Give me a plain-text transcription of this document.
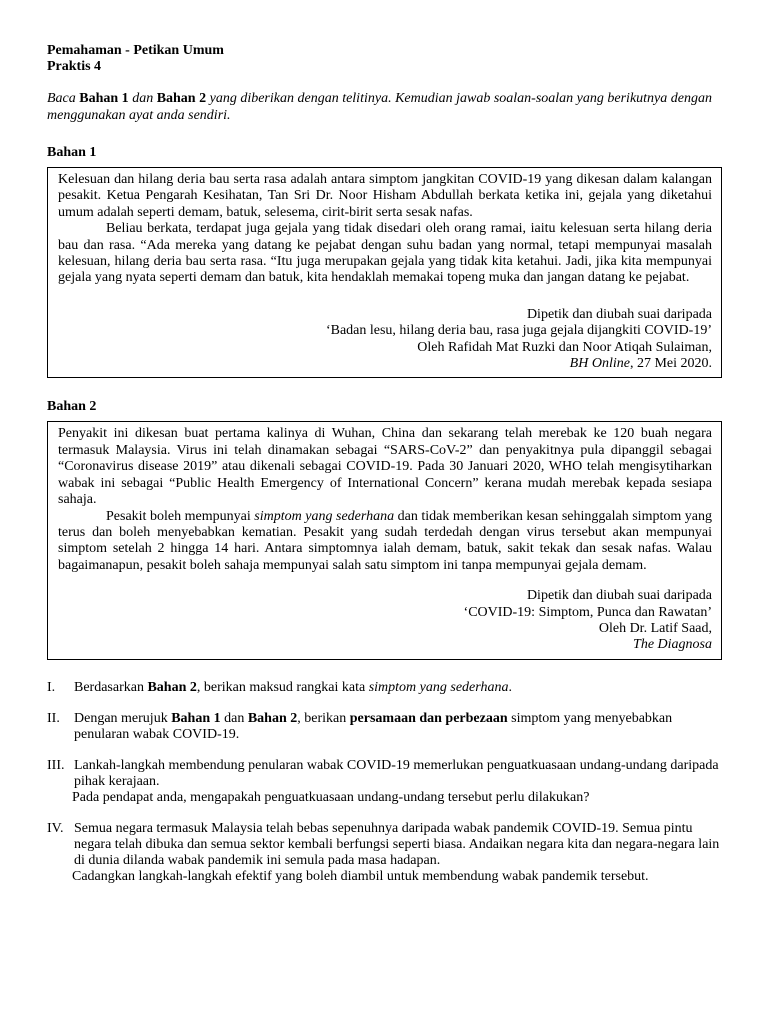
Pemahaman - Petikan Umum
Praktis 4
Baca Bahan 1 dan Bahan 2 yang diberikan dengan telitinya. Kemudian jawab soalan-soalan yang berikutnya dengan menggunakan ayat anda sendiri.
Bahan 1

Kelesuan dan hilang deria bau serta rasa adalah antara simptom jangkitan COVID-19 yang dikesan dalam kalangan pesakit. Ketua Pengarah Kesihatan, Tan Sri Dr. Noor Hisham Abdullah berkata ketika ini, gejala yang diketahui umum adalah seperti demam, batuk, selesema, cirit-birit serta sesak nafas.

Beliau berkata, terdapat juga gejala yang tidak disedari oleh orang ramai, iaitu kelesuan serta hilang deria bau dan rasa. “Ada mereka yang datang ke pejabat dengan suhu badan yang normal, tetapi mempunyai masalah kelesuan, hilang deria bau serta rasa. “Itu juga merupakan gejala yang tidak kita ketahui. Jadi, jika kita mempunyai gejala yang nyata seperti demam dan batuk, kita hendaklah memakai topeng muka dan jangan datang ke pejabat.

Dipetik dan diubah suai daripada
‘Badan lesu, hilang deria bau, rasa juga gejala dijangkiti COVID-19’
Oleh Rafidah Mat Ruzki dan Noor Atiqah Sulaiman,
BH Online, 27 Mei 2020.
Bahan 2

Penyakit ini dikesan buat pertama kalinya di Wuhan, China dan sekarang telah merebak ke 120 buah negara termasuk Malaysia. Virus ini telah dinamakan sebagai “SARS-CoV-2” dan penyakitnya pula dipanggil sebagai “Coronavirus disease 2019” atau dikenali sebagai COVID-19. Pada 30 Januari 2020, WHO telah mengisytiharkan wabak ini sebagai “Public Health Emergency of International Concern” kerana mudah merebak kepada sesiapa sahaja.

Pesakit boleh mempunyai simptom yang sederhana dan tidak memberikan kesan sehinggalah simptom yang terus dan boleh menyebabkan kematian. Pesakit yang sudah terdedah dengan virus tersebut akan mempunyai simptom setelah 2 hingga 14 hari. Antara simptomnya ialah demam, batuk, sakit tekak dan sesak nafas. Walau bagaimanapun, pesakit boleh sahaja mempunyai salah satu simptom ini tanpa mempunyai gejala demam.

Dipetik dan diubah suai daripada
‘COVID-19: Simptom, Punca dan Rawatan’
Oleh Dr. Latif Saad,
The Diagnosa
I. Berdasarkan Bahan 2, berikan maksud rangkai kata simptom yang sederhana.
II. Dengan merujuk Bahan 1 dan Bahan 2, berikan persamaan dan perbezaan simptom yang menyebabkan penularan wabak COVID-19.
III. Lankah-langkah membendung penularan wabak COVID-19 memerlukan penguatkuasaan undang-undang daripada pihak kerajaan.
Pada pendapat anda, mengapakah penguatkuasaan undang-undang tersebut perlu dilakukan?
IV. Semua negara termasuk Malaysia telah bebas sepenuhnya daripada wabak pandemik COVID-19. Semua pintu negara telah dibuka dan semua sektor kembali berfungsi seperti biasa. Andaikan negara kita dan negara-negara lain di dunia dilanda wabak pandemik ini semula pada masa hadapan.
Cadangkan langkah-langkah efektif yang boleh diambil untuk membendung wabak pandemik tersebut.
